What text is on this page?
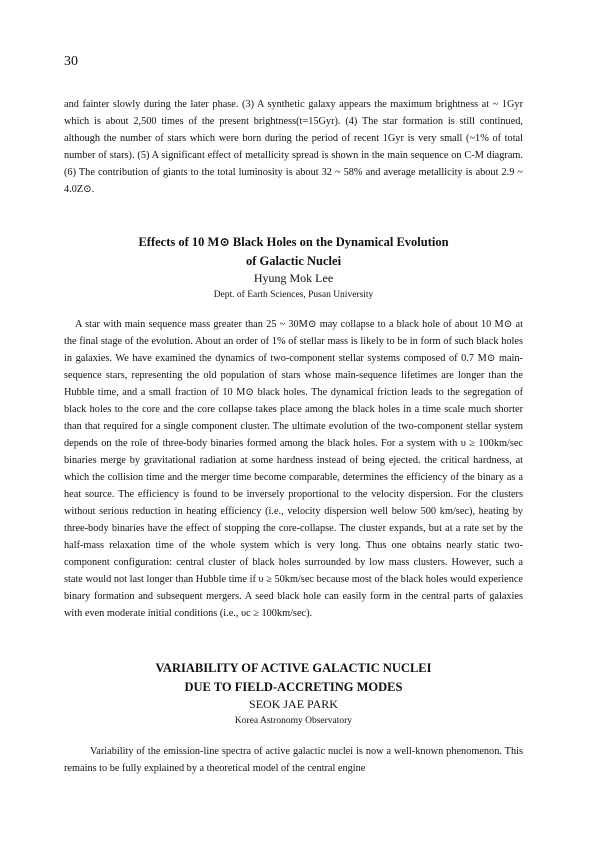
30

and fainter slowly during the later phase. (3) A synthetic galaxy appears the maximum brightness at ~ 1Gyr which is about 2,500 times of the present brightness(t=15Gyr). (4) The star formation is still continued, although the number of stars which were born during the period of recent 1Gyr is very small (~1% of total number of stars). (5) A significant effect of metallicity spread is shown in the main sequence on C-M diagram. (6) The contribution of giants to the total luminosity is about 32 ~ 58% and average metallicity is about 2.9 ~ 4.0Z⊙.

Effects of 10 M⊙ Black Holes on the Dynamical Evolution

of Galactic Nuclei

Hyung Mok Lee
Dept. of Earth Sciences, Pusan University

A star with main sequence mass greater than 25 ~ 30M⊙ may collapse to a black hole of about 10 M⊙ at the final stage of the evolution. About an order of 1% of stellar mass is likely to be in form of such black holes in galaxies. We have examined the dynamics of two-component stellar systems composed of 0.7 M⊙ main-sequence stars, representing the old population of stars whose main-sequence lifetimes are longer than the Hubble time, and a small fraction of 10 M⊙ black holes. The dynamical friction leads to the segregation of black holes to the core and the core collapse takes place among the black holes in a time scale much shorter than that required for a single component cluster. The ultimate evolution of the two-component stellar system depends on the role of three-body binaries formed among the black holes. For a system with υ ≥ 100km/sec binaries merge by gravitational radiation at some hardness instead of being ejected. the critical hardness, at which the collision time and the merger time become comparable, determines the efficiency of the binary as a heat source. The efficiency is found to be inversely proportional to the velocity dispersion. For the clusters without serious reduction in heating efficiency (i.e., velocity dispersion well below 500 km/sec), heating by three-body binaries have the effect of stopping the core-collapse. The cluster expands, but at a rate set by the half-mass relaxation time of the whole system which is very long. Thus one obtains nearly static two-component configuration: central cluster of black holes surrounded by low mass clusters. However, such a state would not last longer than Hubble time if υ ≥ 50km/sec because most of the black holes would experience binary formation and subsequent mergers. A seed black hole can easily form in the central parts of galaxies with even moderate initial conditions (i.e., υc ≥ 100km/sec).

VARIABILITY OF ACTIVE GALACTIC NUCLEI

DUE TO FIELD-ACCRETING MODES

SEOK JAE PARK
Korea Astronomy Observatory

Variability of the emission-line spectra of active galactic nuclei is now a well-known phenomenon. This remains to be fully explained by a theoretical model of the central engine
